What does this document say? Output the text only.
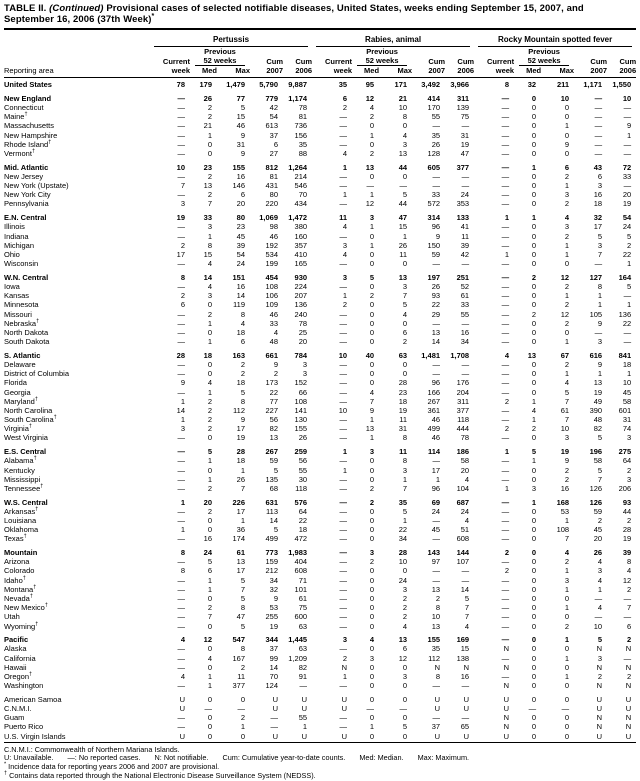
TABLE II. (Continued) Provisional cases of selected notifiable diseases, United States, weeks ending September 15, 2007, and September 16, 2006 (37th Week)*

	Pertussis					Rabies, animal					Rocky Mountain spotted fever				

		Previous					Previous					Previous			
	Current	52 weeks		Cum	Cum	Current	52 weeks		Cum	Cum	Current	52 weeks		Cum	Cum
Reporting area	week	Med	Max	2007	2006	week	Med	Max	2007	2006	week	Med	Max	2007	2006
United States	78	179	1,479	5,790	9,887	35	95	171	3,492	3,966	8	32	211	1,171	1,550
New England	—	26	77	779	1,174	6	12	21	414	311	—	0	10	—	10
Connecticut	—	2	5	42	78	2	4	10	170	139	—	0	0	—	—
Maine†	—	2	15	54	81	—	2	8	55	75	—	0	0	—	—
Massachusetts	—	21	46	613	736	—	0	0	—	—	—	0	1	—	9
New Hampshire	—	1	9	37	156	—	1	4	35	31	—	0	0	—	1
Rhode Island†	—	0	31	6	35	—	0	3	26	19	—	0	9	—	—
Vermont†	—	0	9	27	88	4	2	13	128	47	—	0	0	—	—
Mid. Atlantic	10	23	155	812	1,264	1	13	44	605	377	—	1	6	43	72
New Jersey	—	2	16	81	214	—	0	0	—	—	—	0	2	6	33
New York (Upstate)	7	13	146	431	546	—	—	—	—	—	—	0	1	3	—
New York City	—	2	6	80	70	1	1	5	33	24	—	0	3	16	20
Pennsylvania	3	7	20	220	434	—	12	44	572	353	—	0	2	18	19
E.N. Central	19	33	80	1,069	1,472	11	3	47	314	133	1	1	4	32	54
Illinois	—	3	23	98	380	4	1	15	96	41	—	0	3	17	24
Indiana	—	1	45	46	160	—	0	1	9	11	—	0	2	5	5
Michigan	2	8	39	192	357	3	1	26	150	39	—	0	1	3	2
Ohio	17	15	54	534	410	4	0	11	59	42	1	0	1	7	22
Wisconsin	—	4	24	199	165	—	0	0	—	—	—	0	0	—	1
W.N. Central	8	14	151	454	930	3	5	13	197	251	—	2	12	127	164
Iowa	—	4	16	108	224	—	0	3	26	52	—	0	2	8	5
Kansas	2	3	14	106	207	1	2	7	93	61	—	0	1	1	—
Minnesota	6	0	119	109	136	2	0	5	22	33	—	0	2	1	1
Missouri	—	2	8	46	240	—	0	4	29	55	—	2	12	105	136
Nebraska†	—	1	4	33	78	—	0	0	—	—	—	0	2	9	22
North Dakota	—	0	18	4	25	—	0	6	13	16	—	0	0	—	—
South Dakota	—	1	6	48	20	—	0	2	14	34	—	0	1	3	—
S. Atlantic	28	18	163	661	784	10	40	63	1,481	1,708	4	13	67	616	841
Delaware	—	0	2	9	3	—	0	0	—	—	—	0	2	9	18
District of Columbia	—	0	2	2	3	—	0	0	—	—	—	0	1	1	1
Florida	9	4	18	173	152	—	0	28	96	176	—	0	4	13	10
Georgia	—	1	5	22	66	—	4	23	166	204	—	0	5	19	45
Maryland†	1	2	8	77	108	—	7	18	267	311	2	1	7	49	58
North Carolina	14	2	112	227	141	10	9	19	361	377	—	4	61	390	601
South Carolina†	1	2	9	56	130	—	1	11	46	118	—	1	7	48	31
Virginia†	3	2	17	82	155	—	13	31	499	444	2	2	10	82	74
West Virginia	—	0	19	13	26	—	1	8	46	78	—	0	3	5	3
E.S. Central	—	5	28	267	259	1	3	11	114	186	1	5	19	196	275
Alabama†	—	1	18	59	56	—	0	8	—	58	—	1	9	58	64
Kentucky	—	0	1	5	55	1	0	3	17	20	—	0	2	5	2
Mississippi	—	1	26	135	30	—	0	1	1	4	—	0	2	7	3
Tennessee†	—	2	7	68	118	—	2	7	96	104	1	3	16	126	206
W.S. Central	1	20	226	631	576	—	2	35	69	687	—	1	168	126	93
Arkansas†	—	2	17	113	64	—	0	5	24	24	—	0	53	59	44
Louisiana	—	0	1	14	22	—	0	1	—	4	—	0	1	2	2
Oklahoma	1	0	36	5	18	—	0	22	45	51	—	0	108	45	28
Texas†	—	16	174	499	472	—	0	34	—	608	—	0	7	20	19
Mountain	8	24	61	773	1,983	—	3	28	143	144	2	0	4	26	39
Arizona	—	5	13	159	404	—	2	10	97	107	—	0	2	4	8
Colorado	8	6	17	212	608	—	0	0	—	—	2	0	1	3	4
Idaho†	—	1	5	34	71	—	0	24	—	—	—	0	3	4	12
Montana†	—	1	7	32	101	—	0	3	13	14	—	0	1	1	2
Nevada†	—	0	5	9	61	—	0	2	2	5	—	0	0	—	—
New Mexico†	—	2	8	53	75	—	0	2	8	7	—	0	1	4	7
Utah	—	7	47	255	600	—	0	2	10	7	—	0	0	—	—
Wyoming†	—	0	5	19	63	—	0	4	13	4	—	0	2	10	6
Pacific	4	12	547	344	1,445	3	4	13	155	169	—	0	1	5	2
Alaska	—	0	8	37	63	—	0	6	35	15	N	0	0	N	N
California	—	4	167	99	1,209	2	3	12	112	138	—	0	1	3	—
Hawaii	—	0	2	14	82	N	0	0	N	N	N	0	0	N	N
Oregon†	4	1	11	70	91	1	0	3	8	16	—	0	1	2	2
Washington	—	1	377	124	—	—	0	0	—	—	N	0	0	N	N
American Samoa	U	0	0	U	U	U	0	0	U	U	U	0	0	U	U
C.N.M.I.	U	—	—	U	U	U	—	—	U	U	U	—	—	U	U
Guam	—	0	2	—	55	—	0	0	—	—	N	0	0	N	N
Puerto Rico	—	0	1	—	1	—	1	5	37	65	N	0	0	N	N
U.S. Virgin Islands	U	0	0	U	U	U	0	0	U	U	U	0	0	U	U
C.N.M.I.: Commonwealth of Northern Mariana Islands.
U: Unavailable. —: No reported cases. N: Not notifiable. Cum: Cumulative year-to-date counts. Med: Median. Max: Maximum.
* Incidence data for reporting years 2006 and 2007 are provisional.
† Contains data reported through the National Electronic Disease Surveillance System (NEDSS).
